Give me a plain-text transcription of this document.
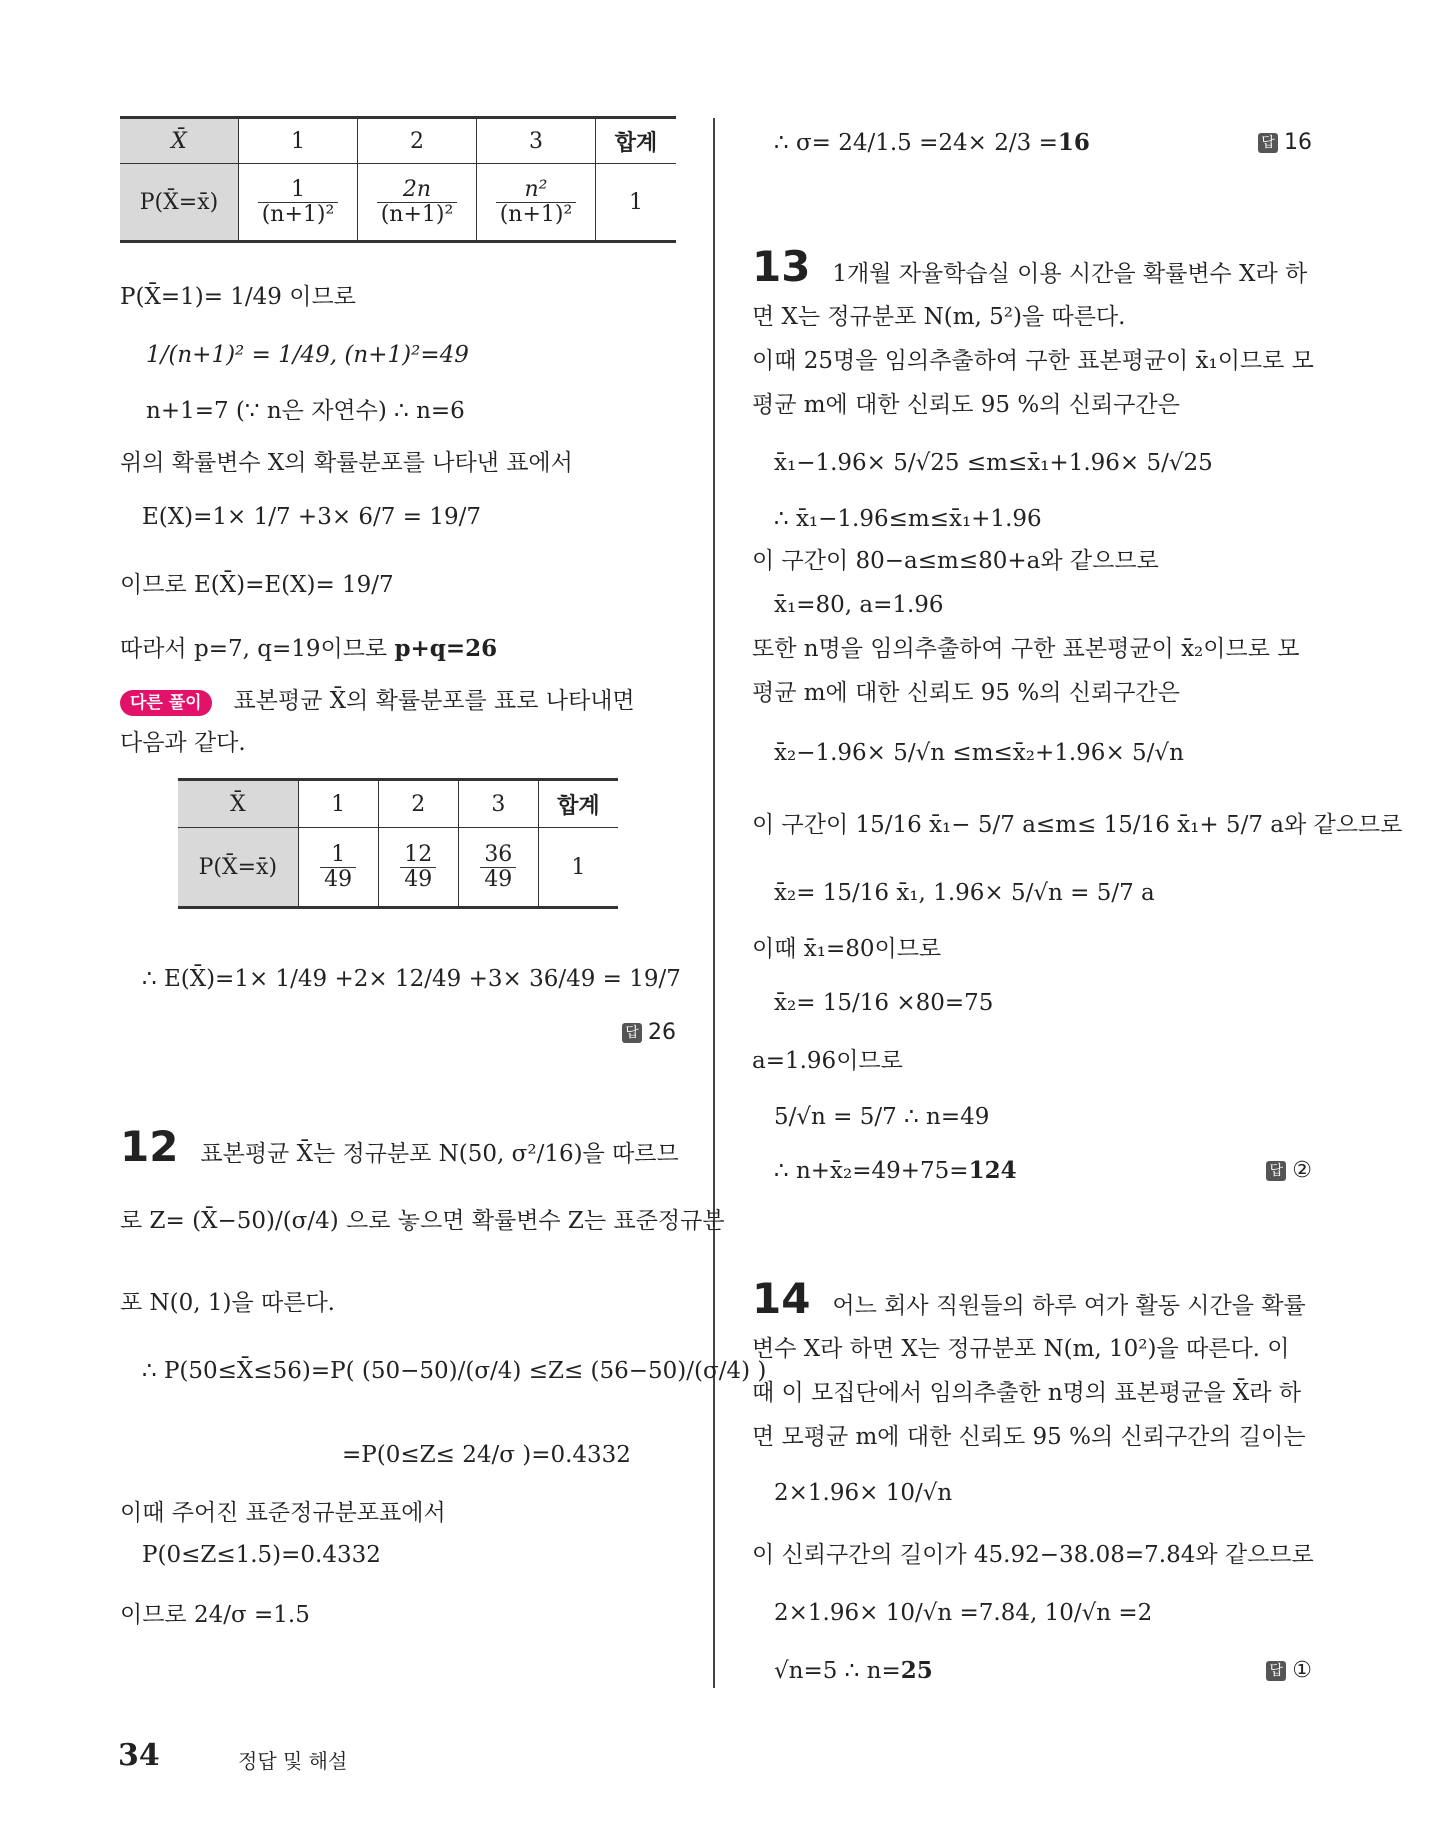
X̄	1	2	3	합계
P(X̄=x̄)	$\frac{1}{\text{(n+1)²}}$	$\frac{2n}{\text{(n+1)²}}$	$\frac{\text{n²}}{\text{(n+1)²}}$	1
P(X̄=1)= 1/49 이므로
1/(n+1)² = 1/49, (n+1)²=49
n+1=7 (∵ n은 자연수) ∴ n=6
위의 확률변수 X의 확률분포를 나타낸 표에서
E(X)=1× 1/7 +3× 6/7 = 19/7
이므로 E(X̄)=E(X)= 19/7
따라서 p=7, q=19이므로 p+q=26
다른 풀이 표본평균 X̄의 확률분포를 표로 나타내면
다음과 같다.
X̄	1	2	3	합계
P(X̄=x̄)	$\frac{1}{49}$	$\frac{12}{49}$	$\frac{36}{49}$	1
∴ E(X̄)=1× 1/49 +2× 12/49 +3× 36/49 = 19/7
답 26
12 표본평균 X̄는 정규분포 N(50, σ²/16)을 따르므
로 Z= (X̄−50)/(σ/4) 으로 놓으면 확률변수 Z는 표준정규분
포 N(0, 1)을 따른다.
∴ P(50≤X̄≤56)=P( (50−50)/(σ/4) ≤Z≤ (56−50)/(σ/4) )
=P(0≤Z≤ 24/σ )=0.4332
이때 주어진 표준정규분포표에서
P(0≤Z≤1.5)=0.4332
이므로 24/σ =1.5
∴ σ= 24/1.5 =24× 2/3 =16	답 16
13 1개월 자율학습실 이용 시간을 확률변수 X라 하
면 X는 정규분포 N(m, 5²)을 따른다.
이때 25명을 임의추출하여 구한 표본평균이 x̄₁이므로 모
평균 m에 대한 신뢰도 95 %의 신뢰구간은
x̄₁−1.96× 5/√25 ≤m≤x̄₁+1.96× 5/√25
∴ x̄₁−1.96≤m≤x̄₁+1.96
이 구간이 80−a≤m≤80+a와 같으므로
x̄₁=80, a=1.96
또한 n명을 임의추출하여 구한 표본평균이 x̄₂이므로 모
평균 m에 대한 신뢰도 95 %의 신뢰구간은
x̄₂−1.96× 5/√n ≤m≤x̄₂+1.96× 5/√n
이 구간이 15/16 x̄₁− 5/7 a≤m≤ 15/16 x̄₁+ 5/7 a와 같으므로
x̄₂= 15/16 x̄₁, 1.96× 5/√n = 5/7 a
이때 x̄₁=80이므로
x̄₂= 15/16 ×80=75
a=1.96이므로
5/√n = 5/7 ∴ n=49
∴ n+x̄₂=49+75=124	답 ②
14 어느 회사 직원들의 하루 여가 활동 시간을 확률
변수 X라 하면 X는 정규분포 N(m, 10²)을 따른다. 이
때 이 모집단에서 임의추출한 n명의 표본평균을 X̄라 하
면 모평균 m에 대한 신뢰도 95 %의 신뢰구간의 길이는
2×1.96× 10/√n
이 신뢰구간의 길이가 45.92−38.08=7.84와 같으므로
2×1.96× 10/√n =7.84, 10/√n =2
√n=5 ∴ n=25	답 ①
34	정답 및 해설
